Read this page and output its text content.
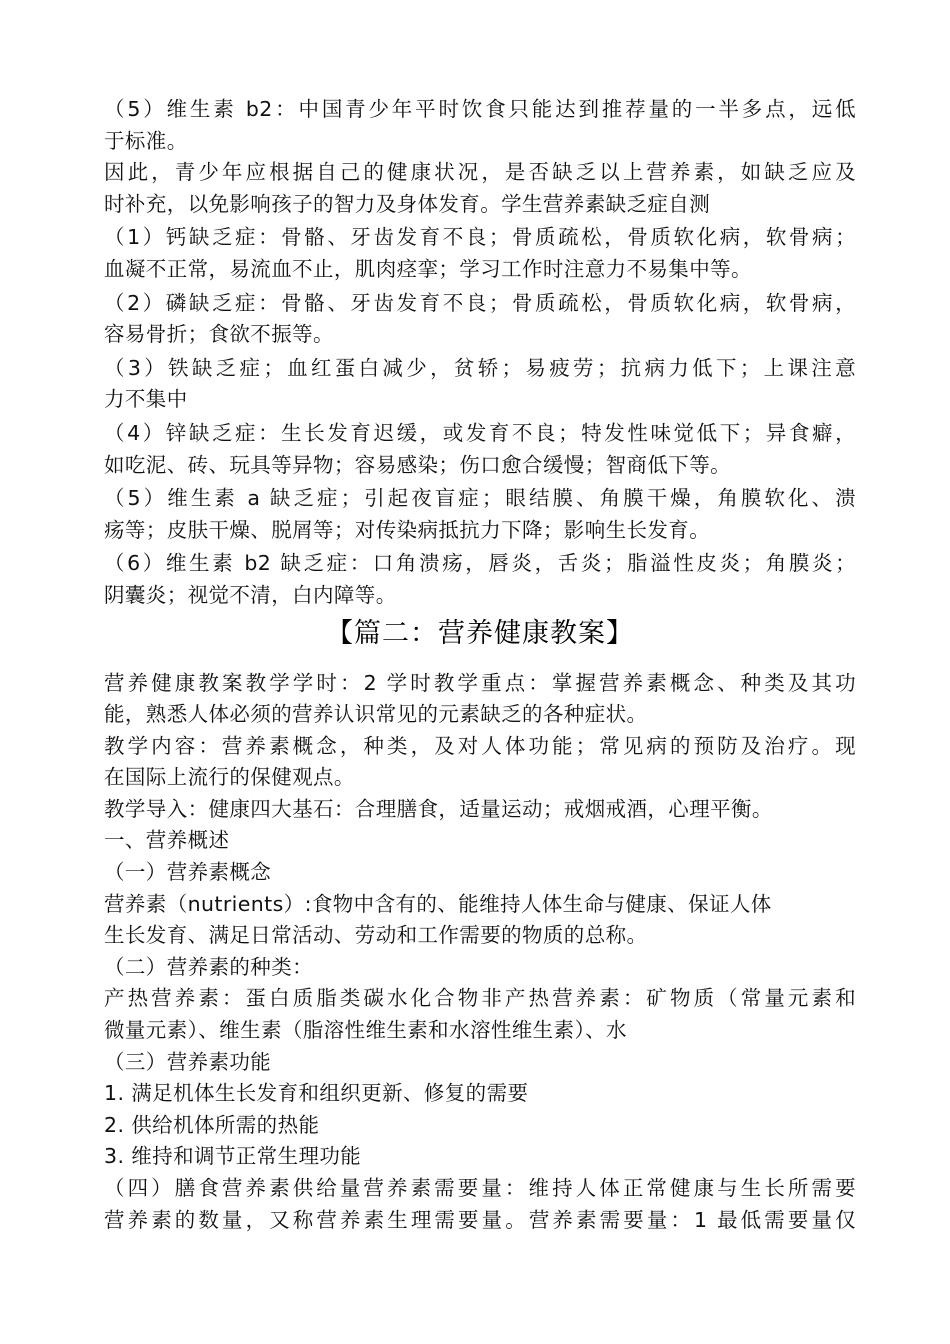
（5）维生素 b2：中国青少年平时饮食只能达到推荐量的一半多点，远低
于标准。
因此，青少年应根据自己的健康状况，是否缺乏以上营养素，如缺乏应及
时补充，以免影响孩子的智力及身体发育。学生营养素缺乏症自测
（1）钙缺乏症：骨骼、牙齿发育不良；骨质疏松，骨质软化病，软骨病；
血凝不正常，易流血不止，肌肉痉挛；学习工作时注意力不易集中等。
（2）磷缺乏症：骨骼、牙齿发育不良；骨质疏松，骨质软化病，软骨病，
容易骨折；食欲不振等。
（3）铁缺乏症；血红蛋白减少，贫轿；易疲劳；抗病力低下；上课注意
力不集中
（4）锌缺乏症：生长发育迟缓，或发育不良；特发性味觉低下；异食癖，
如吃泥、砖、玩具等异物；容易感染；伤口愈合缓慢；智商低下等。
（5）维生素 a 缺乏症；引起夜盲症；眼结膜、角膜干燥，角膜软化、溃
疡等；皮肤干燥、脱屑等；对传染病抵抗力下降；影响生长发育。
（6）维生素 b2 缺乏症：口角溃疡，唇炎，舌炎；脂溢性皮炎；角膜炎；
阴囊炎；视觉不清，白内障等。
【篇二：营养健康教案】
营养健康教案教学学时：2 学时教学重点：掌握营养素概念、种类及其功
能，熟悉人体必须的营养认识常见的元素缺乏的各种症状。
教学内容：营养素概念，种类，及对人体功能；常见病的预防及治疗。现
在国际上流行的保健观点。
教学导入：健康四大基石：合理膳食，适量运动；戒烟戒酒，心理平衡。
一、营养概述
（一）营养素概念
营养素（nutrients）:食物中含有的、能维持人体生命与健康、保证人体
生长发育、满足日常活动、劳动和工作需要的物质的总称。
（二）营养素的种类：
产热营养素：蛋白质脂类碳水化合物非产热营养素：矿物质（常量元素和
微量元素）、维生素（脂溶性维生素和水溶性维生素）、水
（三）营养素功能
1. 满足机体生长发育和组织更新、修复的需要
2. 供给机体所需的热能
3. 维持和调节正常生理功能
（四）膳食营养素供给量营养素需要量：维持人体正常健康与生长所需要
营养素的数量，又称营养素生理需要量。营养素需要量：1 最低需要量仅
